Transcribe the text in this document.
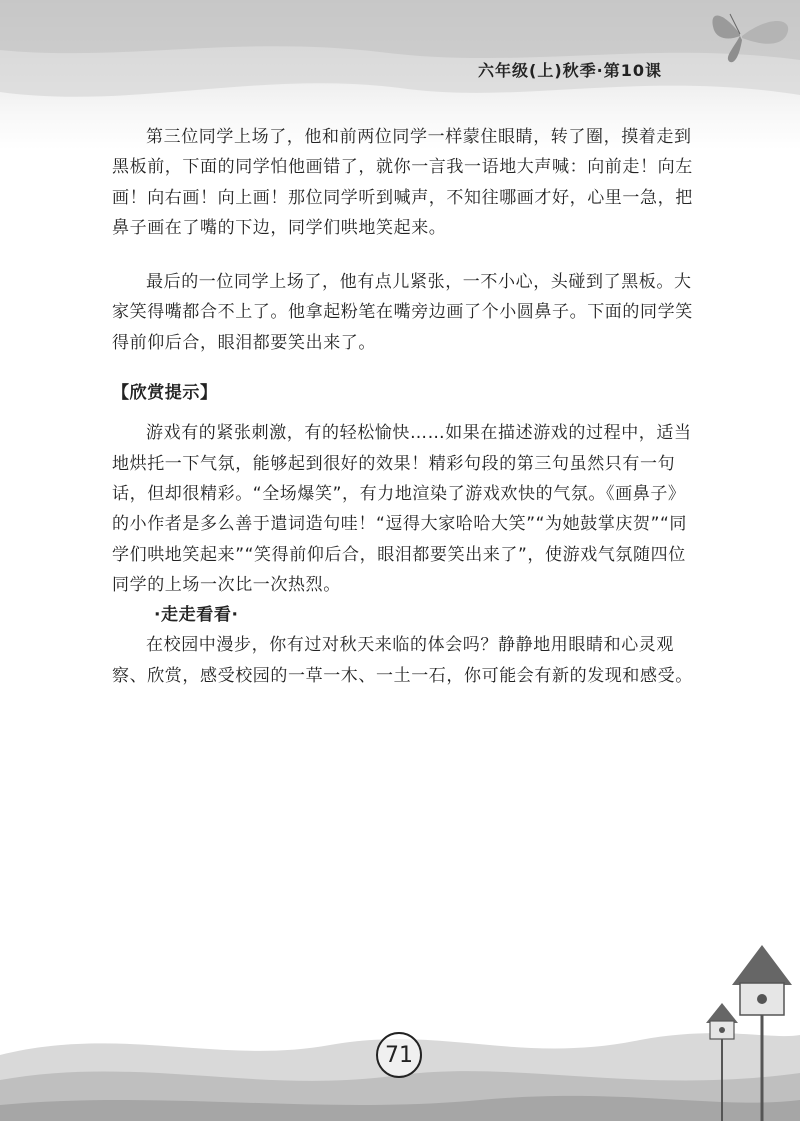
六年级(上)秋季·第10课

第三位同学上场了，他和前两位同学一样蒙住眼睛，转了圈，摸着走到黑板前，下面的同学怕他画错了，就你一言我一语地大声喊：向前走！向左画！向右画！向上画！那位同学听到喊声，不知往哪画才好，心里一急，把鼻子画在了嘴的下边，同学们哄地笑起来。

最后的一位同学上场了，他有点儿紧张，一不小心，头碰到了黑板。大家笑得嘴都合不上了。他拿起粉笔在嘴旁边画了个小圆鼻子。下面的同学笑得前仰后合，眼泪都要笑出来了。

【欣赏提示】

游戏有的紧张刺激，有的轻松愉快……如果在描述游戏的过程中，适当地烘托一下气氛，能够起到很好的效果！精彩句段的第三句虽然只有一句话，但却很精彩。“全场爆笑”，有力地渲染了游戏欢快的气氛。《画鼻子》的小作者是多么善于遣词造句哇！“逗得大家哈哈大笑”“为她鼓掌庆贺”“同学们哄地笑起来”“笑得前仰后合，眼泪都要笑出来了”，使游戏气氛随四位同学的上场一次比一次热烈。

·走走看看·

在校园中漫步，你有过对秋天来临的体会吗？静静地用眼睛和心灵观察、欣赏，感受校园的一草一木、一土一石，你可能会有新的发现和感受。

71
